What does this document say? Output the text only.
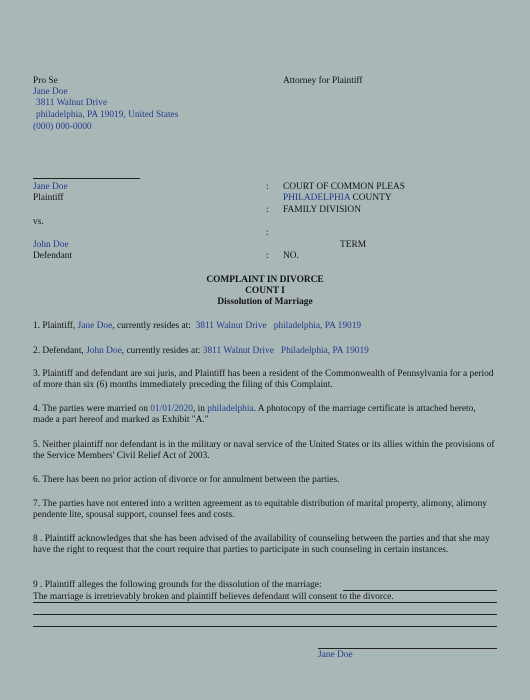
Pro Se
Jane Doe
3811 Walnut Drive
philadelphia, PA 19019, United States
(000) 000-0000
Attorney for Plaintiff
Jane Doe
Plaintiff
vs.
John Doe
Defendant
:
:
:
:
COURT OF COMMON PLEAS
PHILADELPHIA COUNTY
FAMILY DIVISION
TERM
NO.
COMPLAINT IN DIVORCE
COUNT I
Dissolution of Marriage
1. Plaintiff, Jane Doe, currently resides at: 3811 Walnut Drive philadelphia, PA 19019
2. Defendant, John Doe, currently resides at: 3811 Walnut Drive Philadelphia, PA 19019
3. Plaintiff and defendant are sui juris, and Plaintiff has been a resident of the Commonwealth of Pennsylvania for a period of more than six (6) months immediately preceding the filing of this Complaint.
4. The parties were married on 01/01/2020, in philadelphia. A photocopy of the marriage certificate is attached hereto, made a part hereof and marked as Exhibit "A."
5. Neither plaintiff nor defendant is in the military or naval service of the United States or its allies within the provisions of the Service Members' Civil Relief Act of 2003.
6. There has been no prior action of divorce or for annulment between the parties.
7. The parties have not entered into a written agreement as to equitable distribution of marital property, alimony, alimony pendente lite, spousal support, counsel fees and costs.
8 . Plaintiff acknowledges that she has been advised of the availability of counseling between the parties and that she may have the right to request that the court require that parties to participate in such counseling in certain instances.
9 . Plaintiff alleges the following grounds for the dissolution of the marriage:
The marriage is irretrievably broken and plaintiff believes defendant will consent to the divorce.
Jane Doe
